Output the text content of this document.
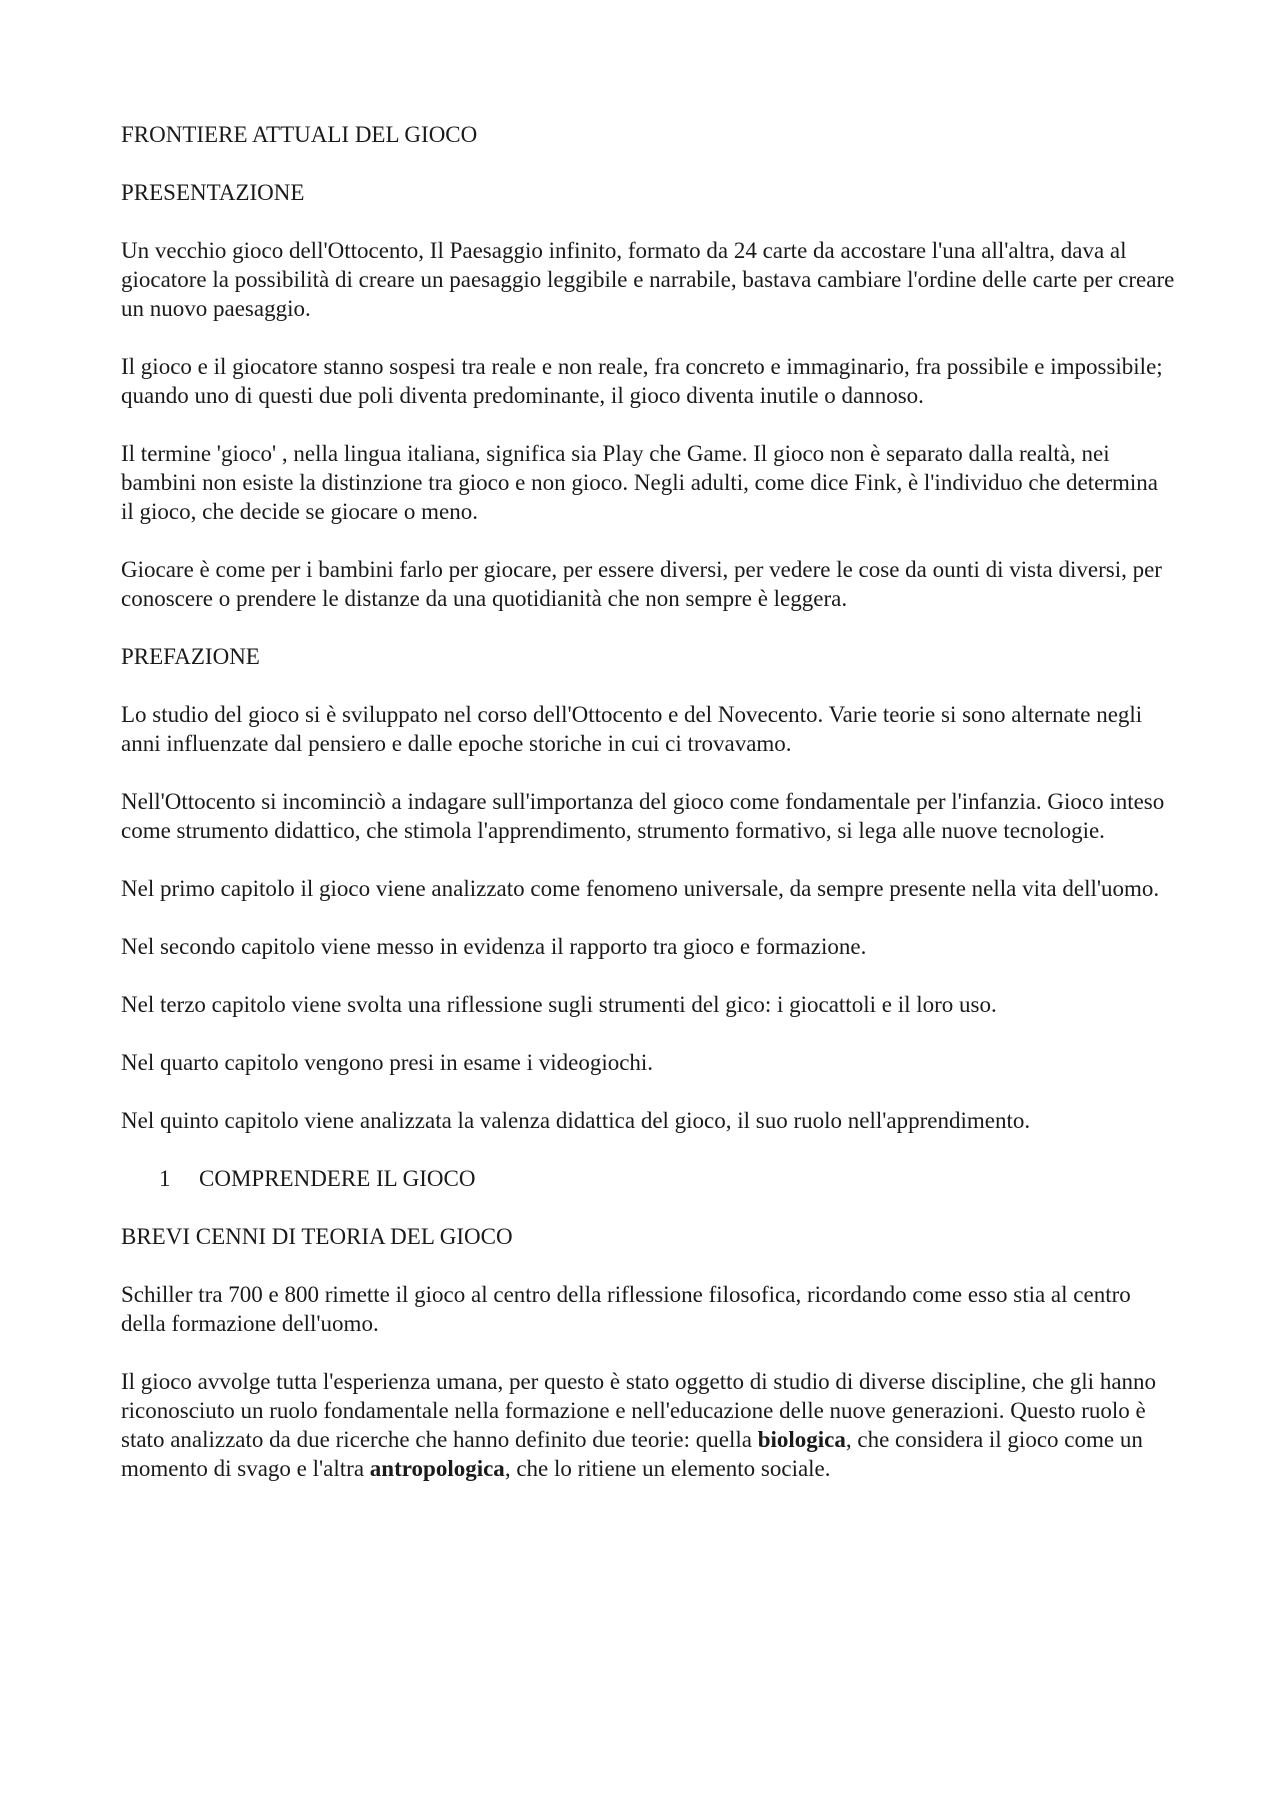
FRONTIERE ATTUALI DEL GIOCO

PRESENTAZIONE

Un vecchio gioco dell'Ottocento, Il Paesaggio infinito, formato da 24 carte da accostare l'una all'altra, dava al giocatore la possibilità di creare un paesaggio leggibile e narrabile, bastava cambiare l'ordine delle carte per creare un nuovo paesaggio.

Il gioco e il giocatore stanno sospesi tra reale e non reale, fra concreto e immaginario, fra possibile e impossibile; quando uno di questi due poli diventa predominante, il gioco diventa inutile o dannoso.

Il termine 'gioco' , nella lingua italiana, significa sia Play che Game. Il gioco non è separato dalla realtà, nei bambini non esiste la distinzione tra gioco e non gioco. Negli adulti, come dice Fink, è l'individuo che determina il gioco, che decide se giocare o meno.

Giocare è come per i bambini farlo per giocare, per essere diversi, per vedere le cose da ounti di vista diversi, per conoscere o prendere le distanze da una quotidianità che non sempre è leggera.

PREFAZIONE

Lo studio del gioco si è sviluppato nel corso dell'Ottocento e del Novecento. Varie teorie si sono alternate negli anni influenzate dal pensiero e dalle epoche storiche in cui ci trovavamo.

Nell'Ottocento si incominciò a indagare sull'importanza del gioco come fondamentale per l'infanzia. Gioco inteso come strumento didattico, che stimola l'apprendimento, strumento formativo, si lega alle nuove tecnologie.

Nel primo capitolo il gioco viene analizzato come fenomeno universale, da sempre presente nella vita dell'uomo.

Nel secondo capitolo viene messo in evidenza il rapporto tra gioco e formazione.

Nel terzo capitolo viene svolta una riflessione sugli strumenti del gico: i giocattoli e il loro uso.

Nel quarto capitolo vengono presi in esame i videogiochi.

Nel quinto capitolo viene analizzata la valenza didattica del gioco, il suo ruolo nell'apprendimento.

1 COMPRENDERE IL GIOCO

BREVI CENNI DI TEORIA DEL GIOCO

Schiller tra 700 e 800 rimette il gioco al centro della riflessione filosofica, ricordando come esso stia al centro della formazione dell'uomo.

Il gioco avvolge tutta l'esperienza umana, per questo è stato oggetto di studio di diverse discipline, che gli hanno riconosciuto un ruolo fondamentale nella formazione e nell'educazione delle nuove generazioni. Questo ruolo è stato analizzato da due ricerche che hanno definito due teorie: quella biologica, che considera il gioco come un momento di svago e l'altra antropologica, che lo ritiene un elemento sociale.
